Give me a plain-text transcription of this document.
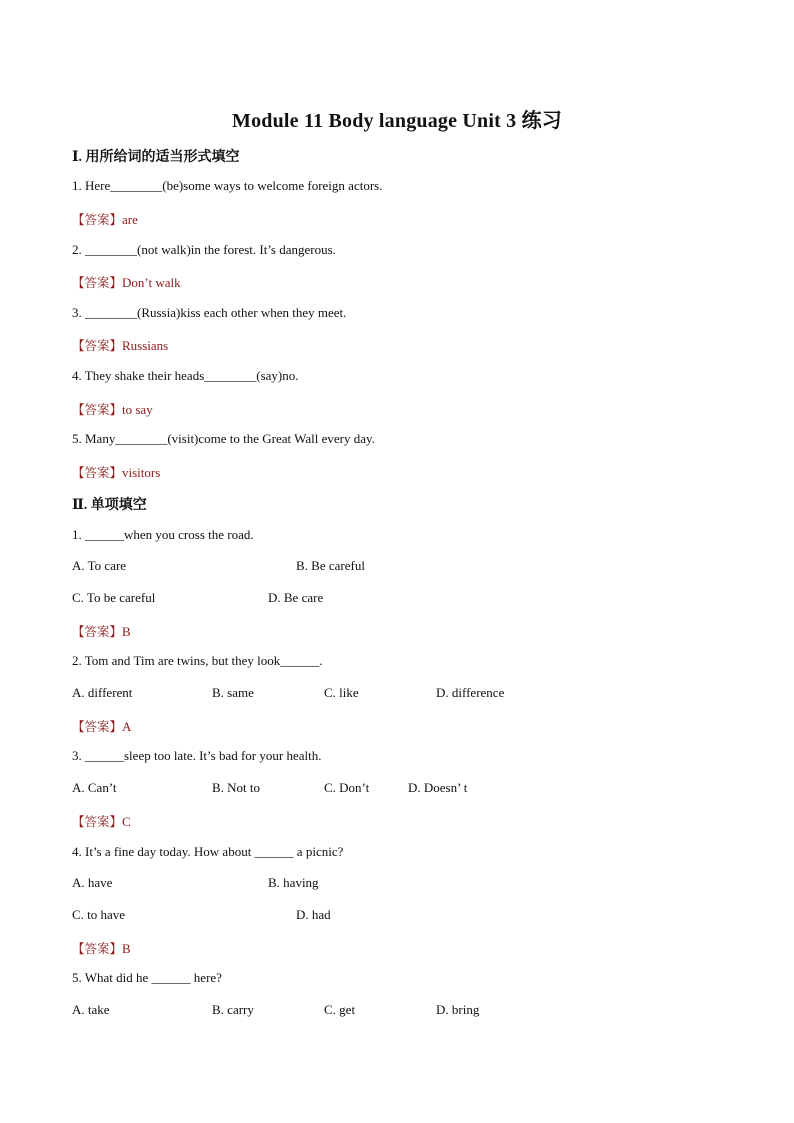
Module 11 Body language Unit 3 练习
Ⅰ. 用所给词的适当形式填空
1. Here________(be)some ways to welcome foreign actors.
【答案】are
2. ________(not walk)in the forest. It’s dangerous.
【答案】Don’t walk
3. ________(Russia)kiss each other when they meet.
【答案】Russians
4. They shake their heads________(say)no.
【答案】to say
5. Many________(visit)come to the Great Wall every day.
【答案】visitors
Ⅱ. 单项填空
1. ______when you cross the road.
A. To care	B. Be careful
C. To be careful	D. Be care
【答案】B
2. Tom and Tim are twins, but they look______.
A. different	B. same	C. like	D. difference
【答案】A
3. ______sleep too late. It’s bad for your health.
A. Can’t	B. Not to	C. Don’t	D. Doesn’ t
【答案】C
4. It’s a fine day today. How about ______ a picnic?
A. have	B. having
C. to have	D. had
【答案】B
5. What did he ______ here?
A. take	B. carry	C. get	D. bring
